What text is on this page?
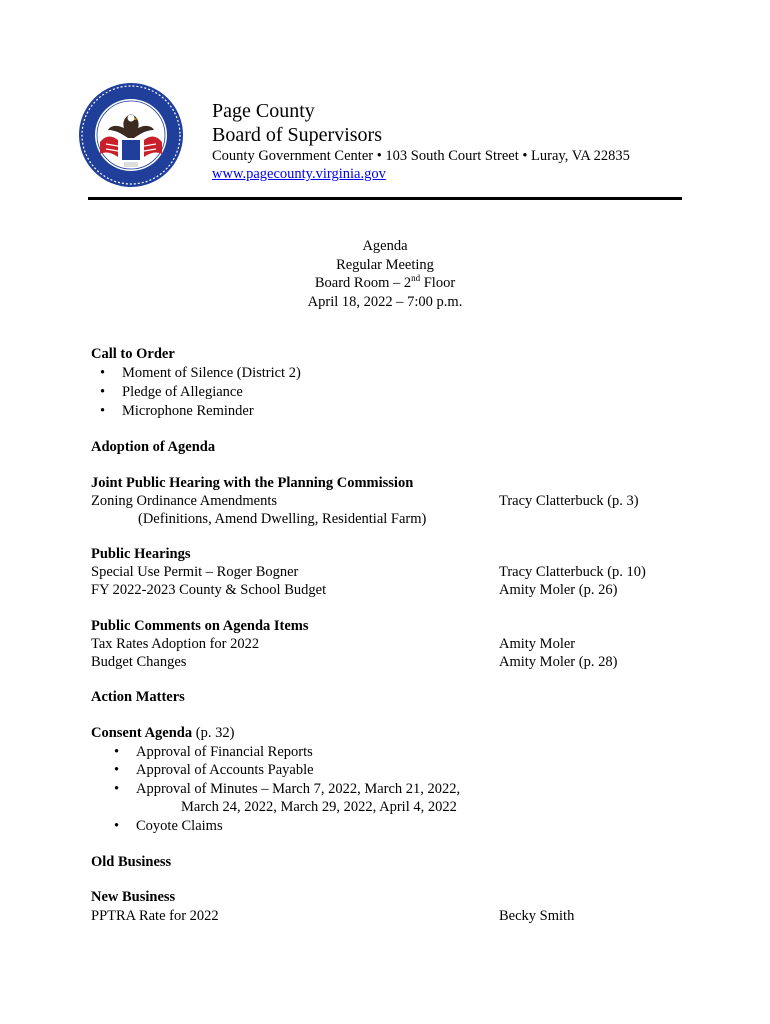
Page County
Board of Supervisors
County Government Center • 103 South Court Street • Luray, VA 22835
www.pagecounty.virginia.gov
Agenda
Regular Meeting
Board Room – 2nd Floor
April 18, 2022 – 7:00 p.m.
Call to Order
• Moment of Silence (District 2)
• Pledge of Allegiance
• Microphone Reminder
Adoption of Agenda
Joint Public Hearing with the Planning Commission
Zoning Ordinance Amendments	Tracy Clatterbuck (p. 3)
(Definitions, Amend Dwelling, Residential Farm)
Public Hearings
Special Use Permit – Roger Bogner	Tracy Clatterbuck (p. 10)
FY 2022-2023 County & School Budget	Amity Moler (p. 26)
Public Comments on Agenda Items
Tax Rates Adoption for 2022	Amity Moler
Budget Changes	Amity Moler (p. 28)
Action Matters
Consent Agenda (p. 32)
• Approval of Financial Reports
• Approval of Accounts Payable
• Approval of Minutes – March 7, 2022, March 21, 2022,
March 24, 2022, March 29, 2022, April 4, 2022
• Coyote Claims
Old Business
New Business
PPTRA Rate for 2022	Becky Smith
